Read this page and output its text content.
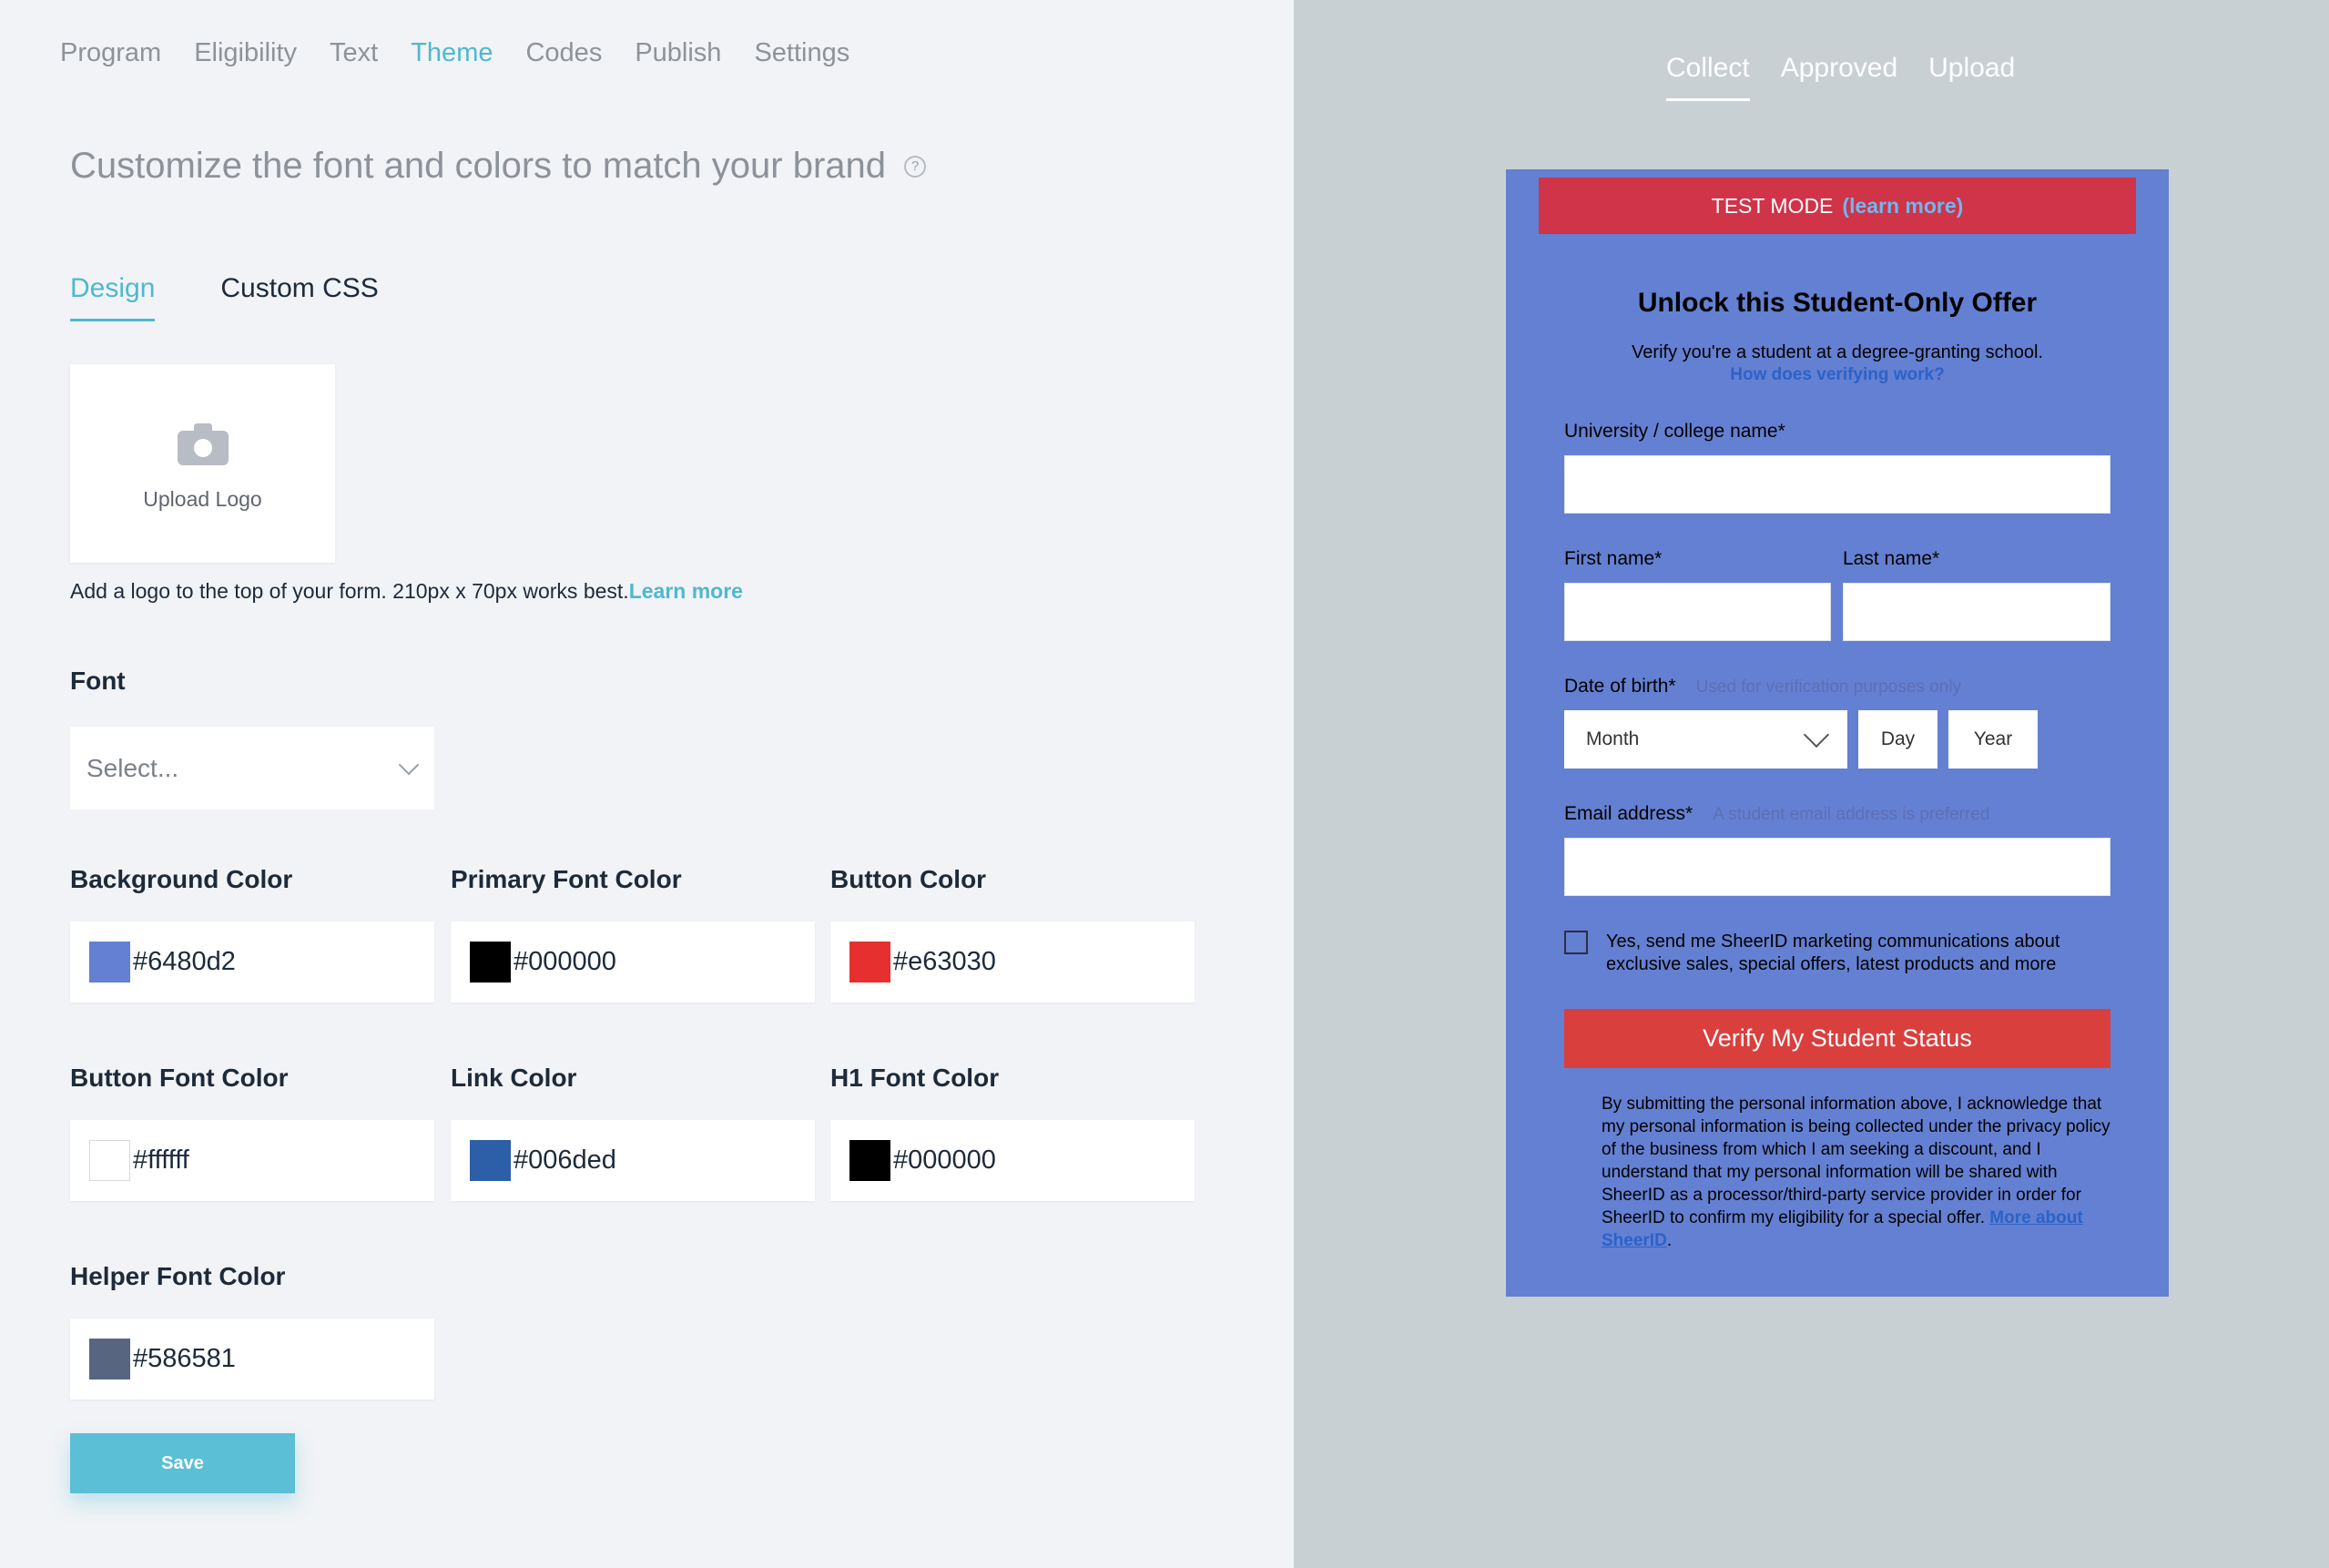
Program Eligibility Text Theme Codes Publish Settings
Customize the font and colors to match your brand	?
Design Custom CSS
Upload Logo
Add a logo to the top of your form. 210px x 70px works best.Learn more
Font
Select...
Background Color
#6480d2
Primary Font Color
#000000
Button Color
#e63030
Button Font Color
#ffffff
Link Color
#006ded
H1 Font Color
#000000
Helper Font Color
#586581
Save
Collect Approved Upload
TEST MODE (learn more)
Unlock this Student-Only Offer
Verify you're a student at a degree-granting school.
How does verifying work?
University / college name*
First name*	Last name*
Date of birth* Used for verification purposes only
Month	Day	Year
Email address* A student email address is preferred
Yes, send me SheerID marketing communications about exclusive sales, special offers, latest products and more
Verify My Student Status
By submitting the personal information above, I acknowledge that my personal information is being collected under the privacy policy of the business from which I am seeking a discount, and I understand that my personal information will be shared with SheerID as a processor/third-party service provider in order for SheerID to confirm my eligibility for a special offer. More about SheerID.
